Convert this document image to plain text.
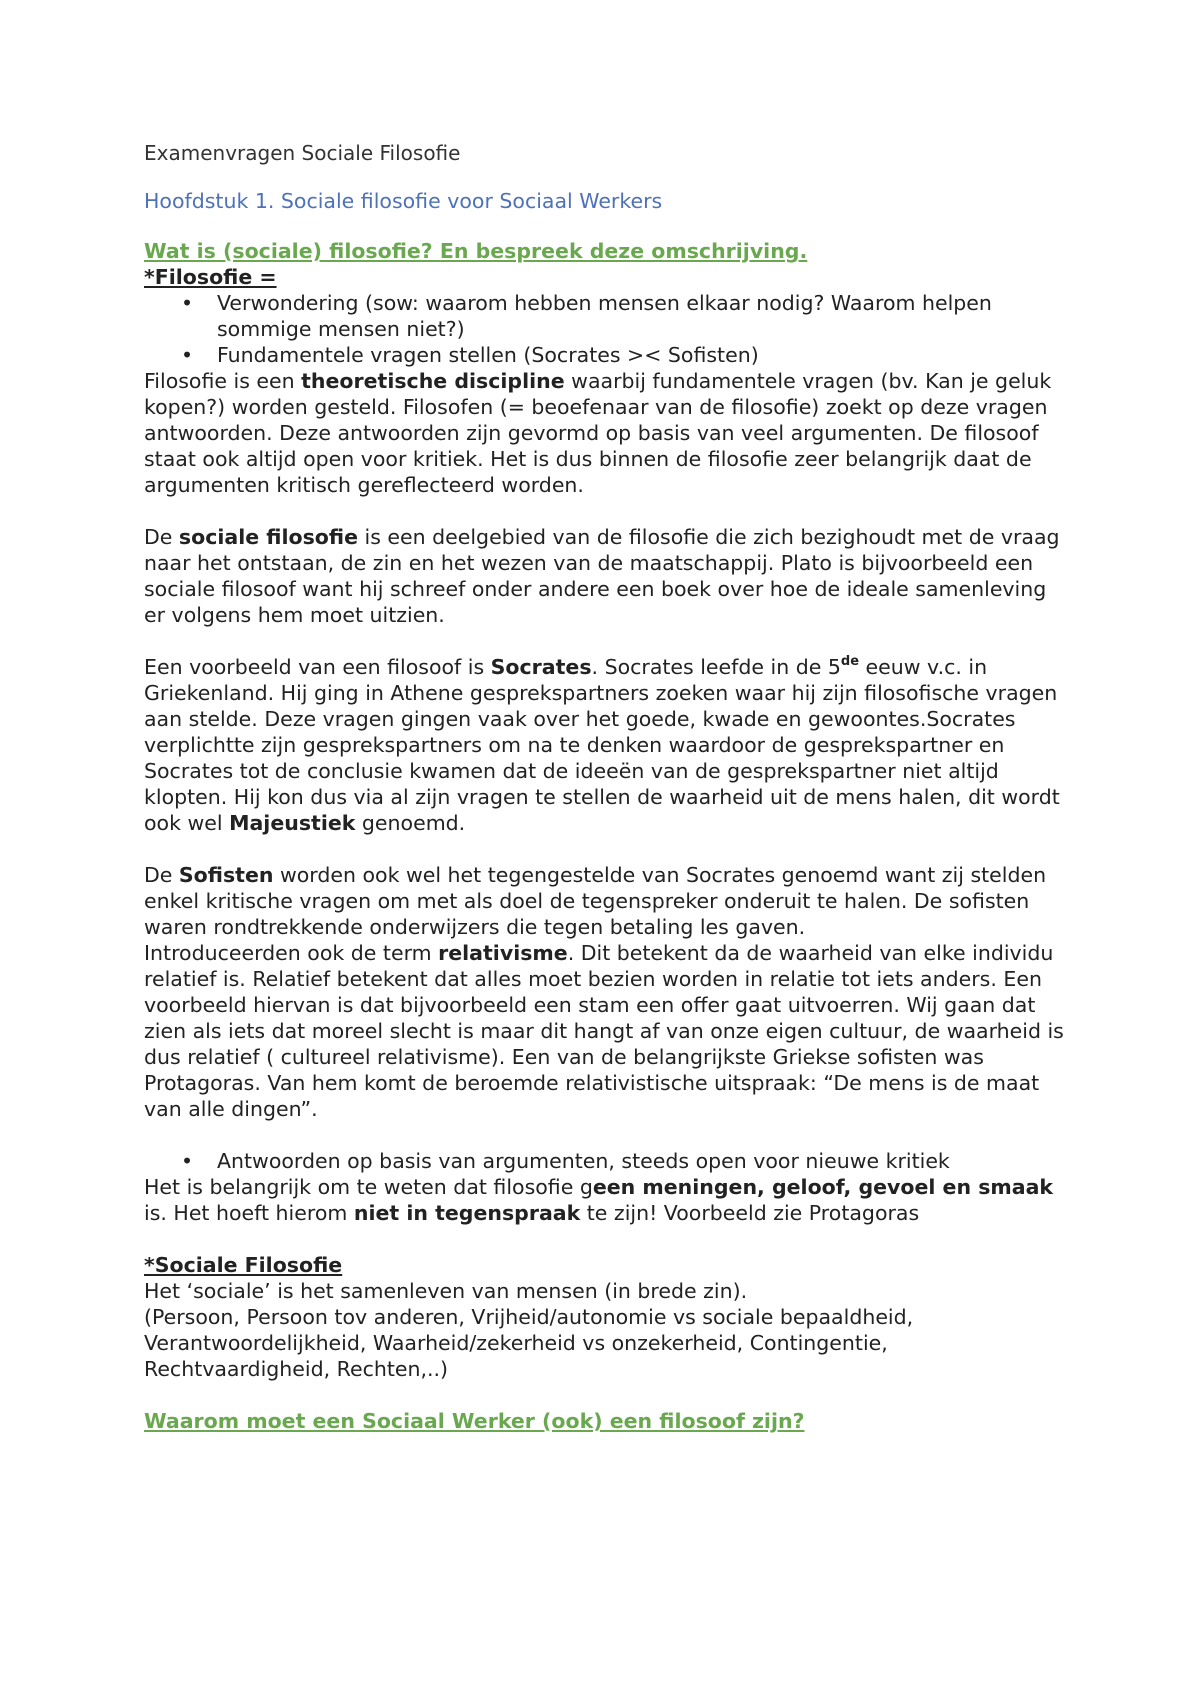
Examenvragen Sociale Filosofie

Hoofdstuk 1. Sociale filosofie voor Sociaal Werkers

Wat is (sociale) filosofie? En bespreek deze omschrijving.

*Filosofie =

• Verwondering (sow: waarom hebben mensen elkaar nodig? Waarom helpen sommige mensen niet?)
• Fundamentele vragen stellen (Socrates >< Sofisten)

Filosofie is een theoretische discipline waarbij fundamentele vragen (bv. Kan je geluk kopen?) worden gesteld. Filosofen (= beoefenaar van de filosofie) zoekt op deze vragen antwoorden. Deze antwoorden zijn gevormd op basis van veel argumenten. De filosoof staat ook altijd open voor kritiek. Het is dus binnen de filosofie zeer belangrijk daat de argumenten kritisch gereflecteerd worden.

De sociale filosofie is een deelgebied van de filosofie die zich bezighoudt met de vraag naar het ontstaan, de zin en het wezen van de maatschappij. Plato is bijvoorbeeld een sociale filosoof want hij schreef onder andere een boek over hoe de ideale samenleving er volgens hem moet uitzien.

Een voorbeeld van een filosoof is Socrates. Socrates leefde in de 5de eeuw v.c. in Griekenland. Hij ging in Athene gesprekspartners zoeken waar hij zijn filosofische vragen aan stelde. Deze vragen gingen vaak over het goede, kwade en gewoontes.Socrates verplichtte zijn gesprekspartners om na te denken waardoor de gesprekspartner en Socrates tot de conclusie kwamen dat de ideeën van de gesprekspartner niet altijd klopten. Hij kon dus via al zijn vragen te stellen de waarheid uit de mens halen, dit wordt ook wel Majeustiek genoemd.

De Sofisten worden ook wel het tegengestelde van Socrates genoemd want zij stelden enkel kritische vragen om met als doel de tegenspreker onderuit te halen. De sofisten waren rondtrekkende onderwijzers die tegen betaling les gaven.

Introduceerden ook de term relativisme. Dit betekent da de waarheid van elke individu relatief is. Relatief betekent dat alles moet bezien worden in relatie tot iets anders. Een voorbeeld hiervan is dat bijvoorbeeld een stam een offer gaat uitvoerren. Wij gaan dat zien als iets dat moreel slecht is maar dit hangt af van onze eigen cultuur, de waarheid is dus relatief ( cultureel relativisme). Een van de belangrijkste Griekse sofisten was Protagoras. Van hem komt de beroemde relativistische uitspraak: “De mens is de maat van alle dingen”.

• Antwoorden op basis van argumenten, steeds open voor nieuwe kritiek

Het is belangrijk om te weten dat filosofie geen meningen, geloof, gevoel en smaak is. Het hoeft hierom niet in tegenspraak te zijn! Voorbeeld zie Protagoras

*Sociale Filosofie

Het ‘sociale’ is het samenleven van mensen (in brede zin).

(Persoon, Persoon tov anderen, Vrijheid/autonomie vs sociale bepaaldheid, Verantwoordelijkheid, Waarheid/zekerheid vs onzekerheid, Contingentie, Rechtvaardigheid, Rechten,..)

Waarom moet een Sociaal Werker (ook) een filosoof zijn?
